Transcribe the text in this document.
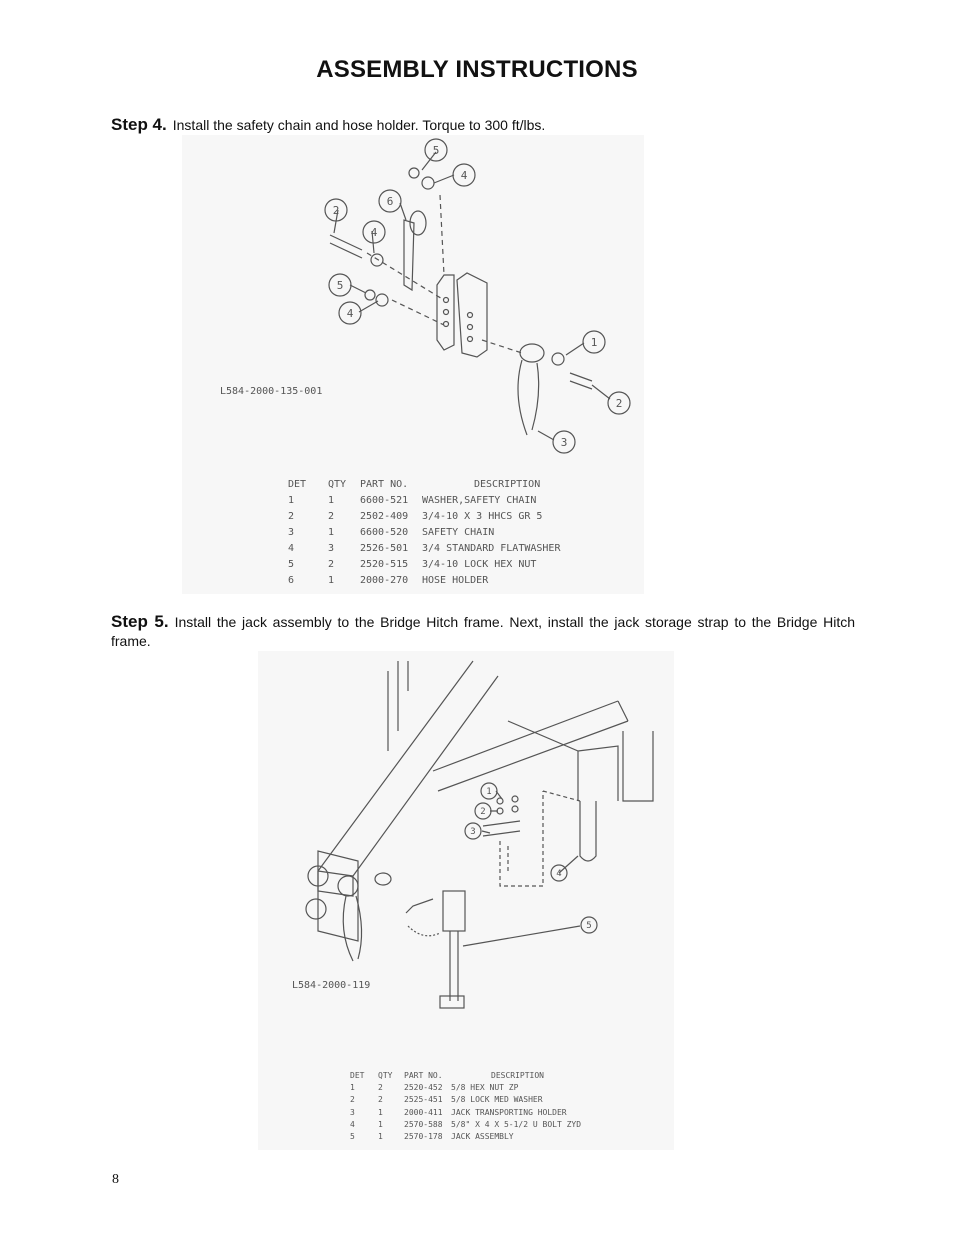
ASSEMBLY INSTRUCTIONS
Step 4. Install the safety chain and hose holder. Torque to 300 ft/lbs.
5
4
6
2
4
5
4
1
2
3
L584-2000-135-001
DET	QTY	PART NO.	DESCRIPTION
1	1	6600-521	WASHER,SAFETY CHAIN
2	2	2502-409	3/4-10 X 3 HHCS GR 5
3	1	6600-520	SAFETY CHAIN
4	3	2526-501	3/4 STANDARD FLATWASHER
5	2	2520-515	3/4-10 LOCK HEX NUT
6	1	2000-270	HOSE HOLDER
Step 5. Install the jack assembly to the Bridge Hitch frame. Next, install the jack storage strap to the Bridge Hitch frame.
1
2
3
4
5
L584-2000-119
DET	QTY	PART NO.	DESCRIPTION
1	2	2520-452	5/8 HEX NUT ZP
2	2	2525-451	5/8 LOCK MED WASHER
3	1	2000-411	JACK TRANSPORTING HOLDER
4	1	2570-588	5/8" X 4 X 5-1/2 U BOLT ZYD
5	1	2570-178	JACK ASSEMBLY
8
